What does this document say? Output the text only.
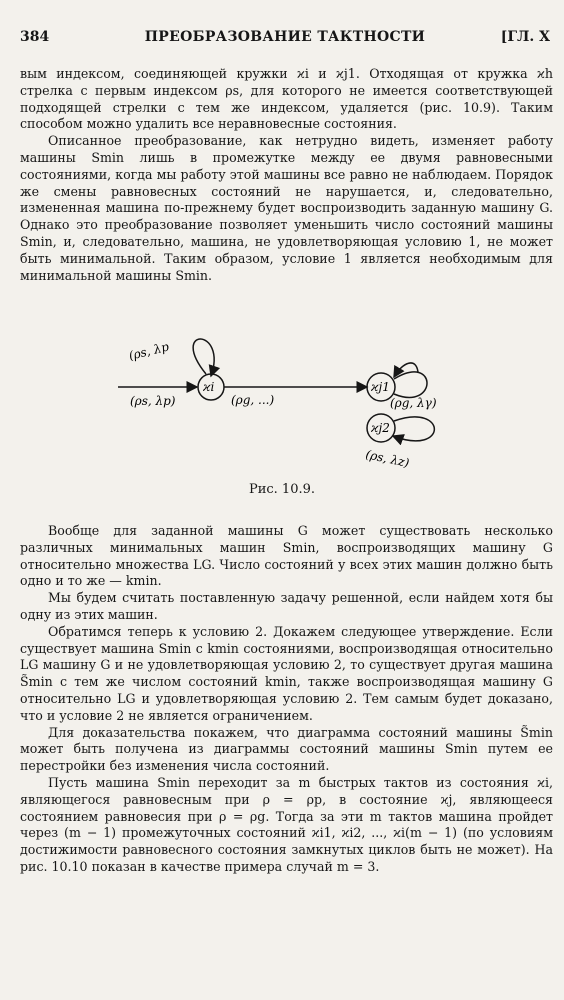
384	ПРЕОБРАЗОВАНИЕ ТАКТНОСТИ	[ГЛ. X

вым индексом, соединяющей кружки ϰi и ϰj1. Отходящая от кружка ϰh стрелка с первым индексом ρs, для которого не имеется соответствующей подходящей стрелки с тем же индексом, удаляется (рис. 10.9). Таким способом можно удалить все неравновесные состояния.

Описанное преобразование, как нетрудно видеть, изменяет работу машины Smin лишь в промежутке между ее двумя равновесными состояниями, когда мы работу этой машины все равно не наблюдаем. Порядок же смены равновесных состояний не нарушается, и, следовательно, измененная машина по-прежнему будет воспроизводить заданную машину G. Однако это преобразование позволяет уменьшить число состояний машины Smin, и, следовательно, машина, не удовлетворяющая условию 1, не может быть минимальной. Таким образом, условие 1 является необходимым для минимальной машины Smin.

ϰi	ϰj1
ϰj2
(ρs, λp
(ρs, λp)	(ρg, ...)	(ρg, λγ)
(ρs, λz)
Рис. 10.9.

Вообще для заданной машины G может существовать несколько различных минимальных машин Smin, воспроизводящих машину G относительно множества LG. Число состояний у всех этих машин должно быть одно и то же — kmin.

Мы будем считать поставленную задачу решенной, если найдем хотя бы одну из этих машин.

Обратимся теперь к условию 2. Докажем следующее утверждение. Если существует машина Smin с kmin состояниями, воспроизводящая относительно LG машину G и не удовлетворяющая условию 2, то существует другая машина S̃min с тем же числом состояний kmin, также воспроизводящая машину G относительно LG и удовлетворяющая условию 2. Тем самым будет доказано, что и условие 2 не является ограничением.

Для доказательства покажем, что диаграмма состояний машины S̃min может быть получена из диаграммы состояний машины Smin путем ее перестройки без изменения числа состояний.

Пусть машина Smin переходит за m быстрых тактов из состояния ϰi, являющегося равновесным при ρ = ρp, в состояние ϰj, являющееся состоянием равновесия при ρ = ρg. Тогда за эти m тактов машина пройдет через (m − 1) промежуточных состояний ϰi1, ϰi2, ..., ϰi(m − 1) (по условиям достижимости равновесного состояния замкнутых циклов быть не может). На рис. 10.10 показан в качестве примера случай m = 3.
